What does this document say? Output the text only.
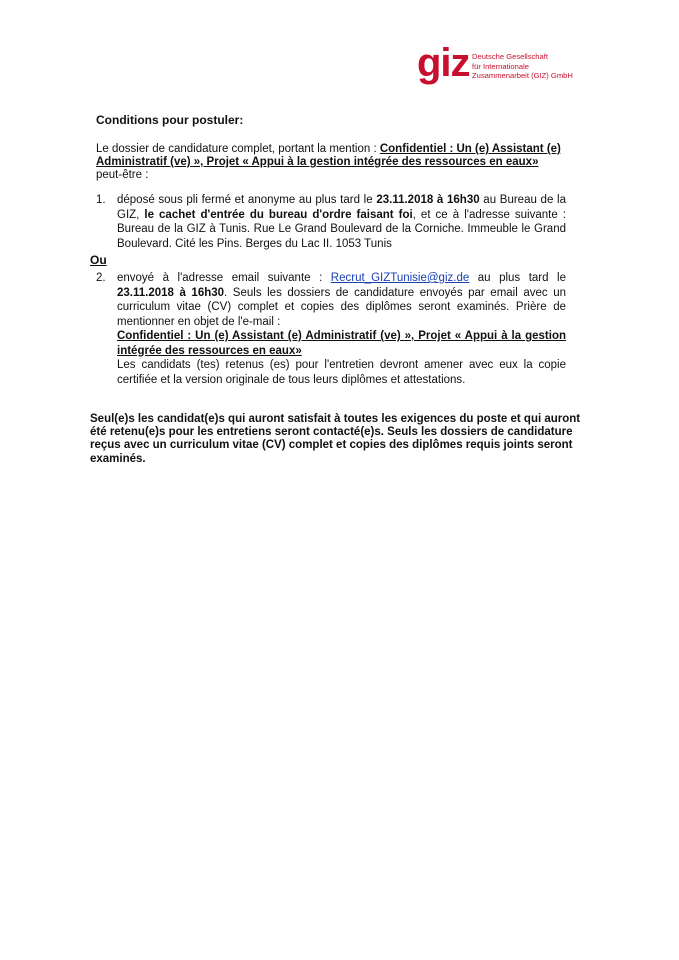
giz Deutsche Gesellschaft
für Internationale
Zusammenarbeit (GIZ) GmbH
Conditions pour postuler:
Le dossier de candidature complet, portant la mention : Confidentiel : Un (e) Assistant (e) Administratif (ve) », Projet « Appui à la gestion intégrée des ressources en eaux»
peut-être :
1. déposé sous pli fermé et anonyme au plus tard le 23.11.2018 à 16h30 au Bureau de la GIZ, le cachet d'entrée du bureau d'ordre faisant foi, et ce à l'adresse suivante : Bureau de la GIZ à Tunis. Rue Le Grand Boulevard de la Corniche. Immeuble le Grand Boulevard. Cité les Pins. Berges du Lac II. 1053 Tunis
Ou
2. envoyé à l'adresse email suivante : Recrut_GIZTunisie@giz.de au plus tard le 23.11.2018 à 16h30. Seuls les dossiers de candidature envoyés par email avec un curriculum vitae (CV) complet et copies des diplômes seront examinés. Prière de mentionner en objet de l'e-mail :
Confidentiel : Un (e) Assistant (e) Administratif (ve) », Projet « Appui à la gestion intégrée des ressources en eaux»
Les candidats (tes) retenus (es) pour l'entretien devront amener avec eux la copie certifiée et la version originale de tous leurs diplômes et attestations.
Seul(e)s les candidat(e)s qui auront satisfait à toutes les exigences du poste et qui auront été retenu(e)s pour les entretiens seront contacté(e)s. Seuls les dossiers de candidature reçus avec un curriculum vitae (CV) complet et copies des diplômes requis joints seront examinés.
